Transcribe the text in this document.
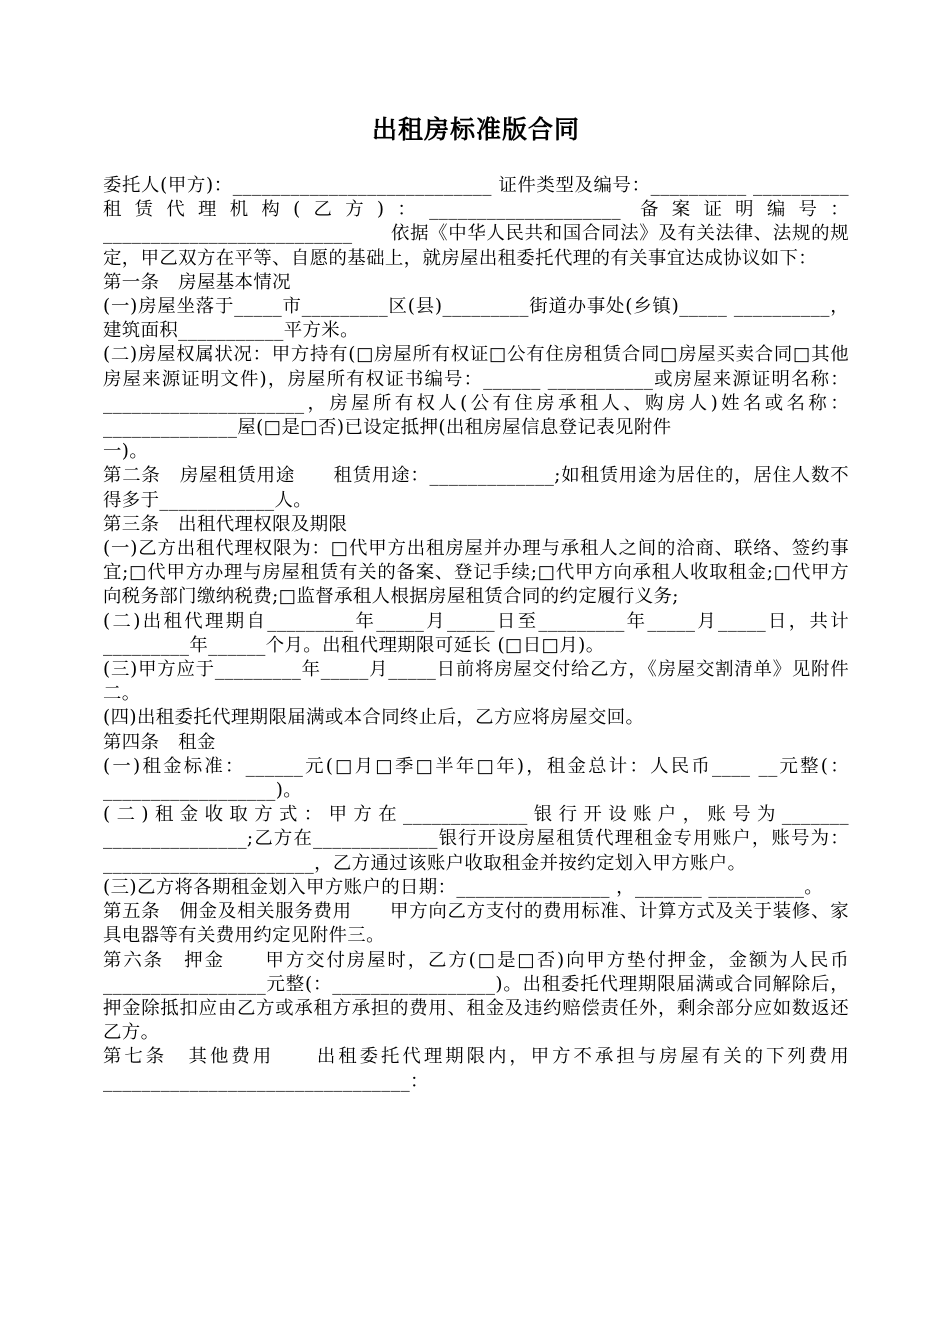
出租房标准版合同

委托人(甲方)：___________________________ 证件类型及编号：__________ __________　　租赁代理机构(乙方)：____________________ 备案证明编号：__________________________　　依据《中华人民共和国合同法》及有关法律、法规的规定，甲乙双方在平等、自愿的基础上，就房屋出租委托代理的有关事宜达成协议如下：

第一条　房屋基本情况

(一)房屋坐落于_____市_________区(县)_________街道办事处(乡镇)_____ __________，建筑面积___________平方米。

(二)房屋权属状况：甲方持有(□房屋所有权证□公有住房租赁合同□房屋买卖合同□其他房屋来源证明文件)，房屋所有权证书编号：______ ___________或房屋来源证明名称：_____________________，房屋所有权人(公有住房承租人、购房人)姓名或名称：______________屋(□是□否)已设定抵押(出租房屋信息登记表见附件

一)。

第二条　房屋租赁用途　　租赁用途：_____________;如租赁用途为居住的，居住人数不得多于____________人。

第三条　出租代理权限及期限

(一)乙方出租代理权限为：□代甲方出租房屋并办理与承租人之间的洽商、联络、签约事宜;□代甲方办理与房屋租赁有关的备案、登记手续;□代甲方向承租人收取租金;□代甲方向税务部门缴纳税费;□监督承租人根据房屋租赁合同的约定履行义务;

(二)出租代理期自_________年_____月_____日至_________年_____月_____日，共计_________年______个月。出租代理期限可延长 (□日□月)。

(三)甲方应于_________年_____月_____日前将房屋交付给乙方，《房屋交割清单》见附件二。

(四)出租委托代理期限届满或本合同终止后，乙方应将房屋交回。

第四条　租金

(一)租金标准：______元(□月□季□半年□年)，租金总计：人民币____ __元整(：__________________)。

(二)租金收取方式：甲方在_____________银行开设账户，账号为_______ _______________;乙方在_____________银行开设房屋租赁代理租金专用账户，账号为：______________________，乙方通过该账户收取租金并按约定划入甲方账户。

(三)乙方将各期租金划入甲方账户的日期：________________ ，_______ __________。

第五条　佣金及相关服务费用　　甲方向乙方支付的费用标准、计算方式及关于装修、家具电器等有关费用约定见附件三。

第六条　押金　　甲方交付房屋时，乙方(□是□否)向甲方垫付押金，金额为人民币_________________元整(：_________________)。出租委托代理期限届满或合同解除后，押金除抵扣应由乙方或承租方承担的费用、租金及违约赔偿责任外，剩余部分应如数返还乙方。

第七条　其他费用　　出租委托代理期限内，甲方不承担与房屋有关的下列费用________________________________：
